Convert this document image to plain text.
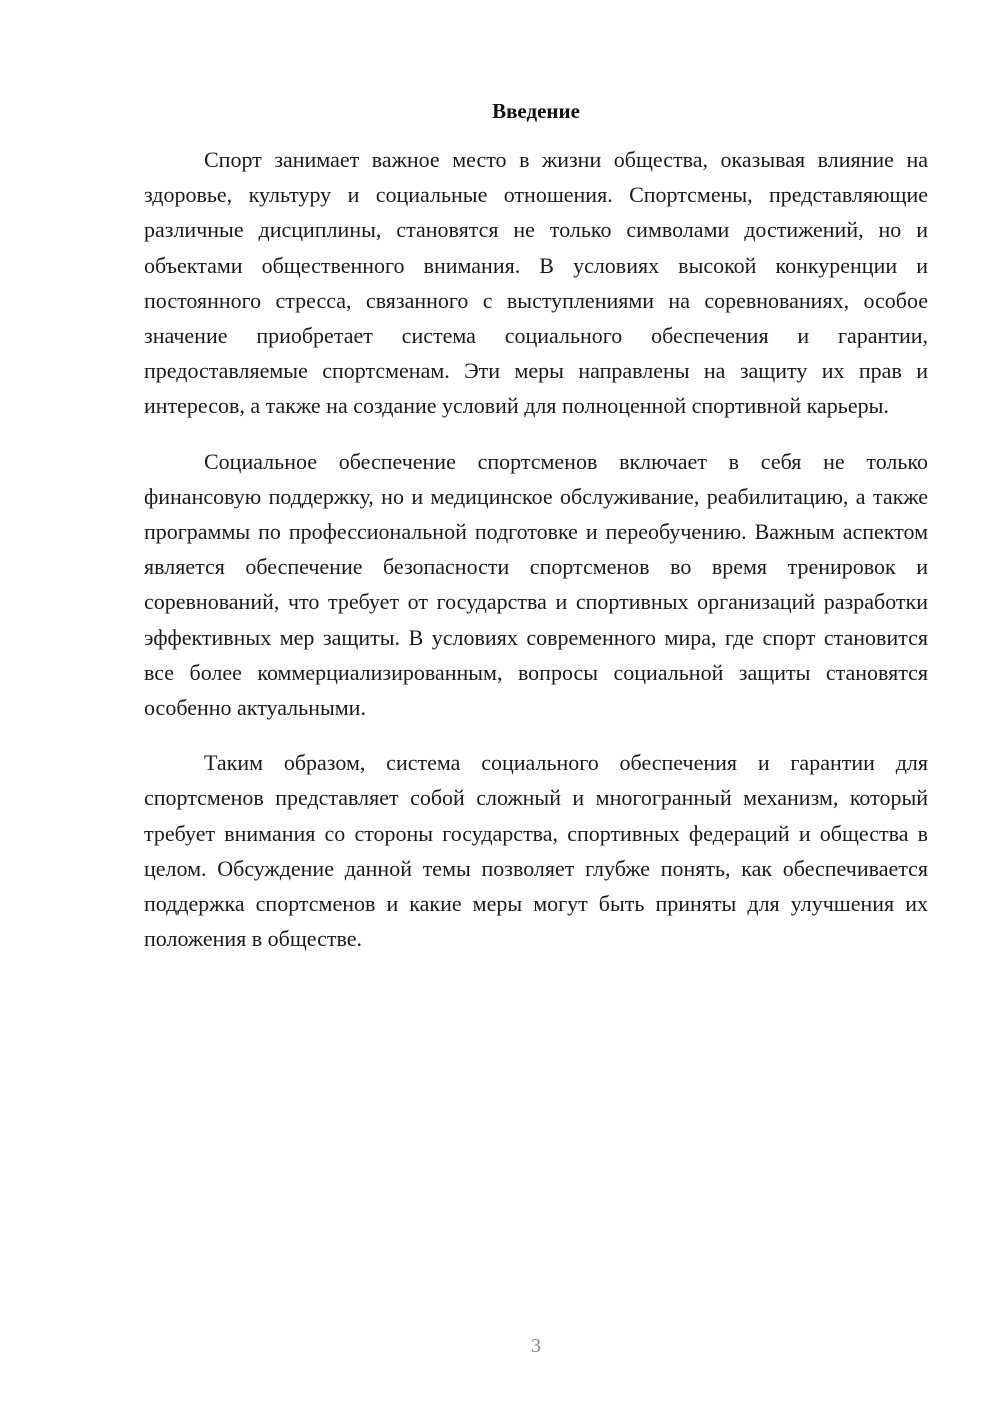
Введение

Спорт занимает важное место в жизни общества, оказывая влияние на здоровье, культуру и социальные отношения. Спортсмены, представляющие различные дисциплины, становятся не только символами достижений, но и объектами общественного внимания. В условиях высокой конкуренции и постоянного стресса, связанного с выступлениями на соревнованиях, особое значение приобретает система социального обеспечения и гарантии, предоставляемые спортсменам. Эти меры направлены на защиту их прав и интересов, а также на создание условий для полноценной спортивной карьеры.

Социальное обеспечение спортсменов включает в себя не только финансовую поддержку, но и медицинское обслуживание, реабилитацию, а также программы по профессиональной подготовке и переобучению. Важным аспектом является обеспечение безопасности спортсменов во время тренировок и соревнований, что требует от государства и спортивных организаций разработки эффективных мер защиты. В условиях современного мира, где спорт становится все более коммерциализированным, вопросы социальной защиты становятся особенно актуальными.

Таким образом, система социального обеспечения и гарантии для спортсменов представляет собой сложный и многогранный механизм, который требует внимания со стороны государства, спортивных федераций и общества в целом. Обсуждение данной темы позволяет глубже понять, как обеспечивается поддержка спортсменов и какие меры могут быть приняты для улучшения их положения в обществе.

3
